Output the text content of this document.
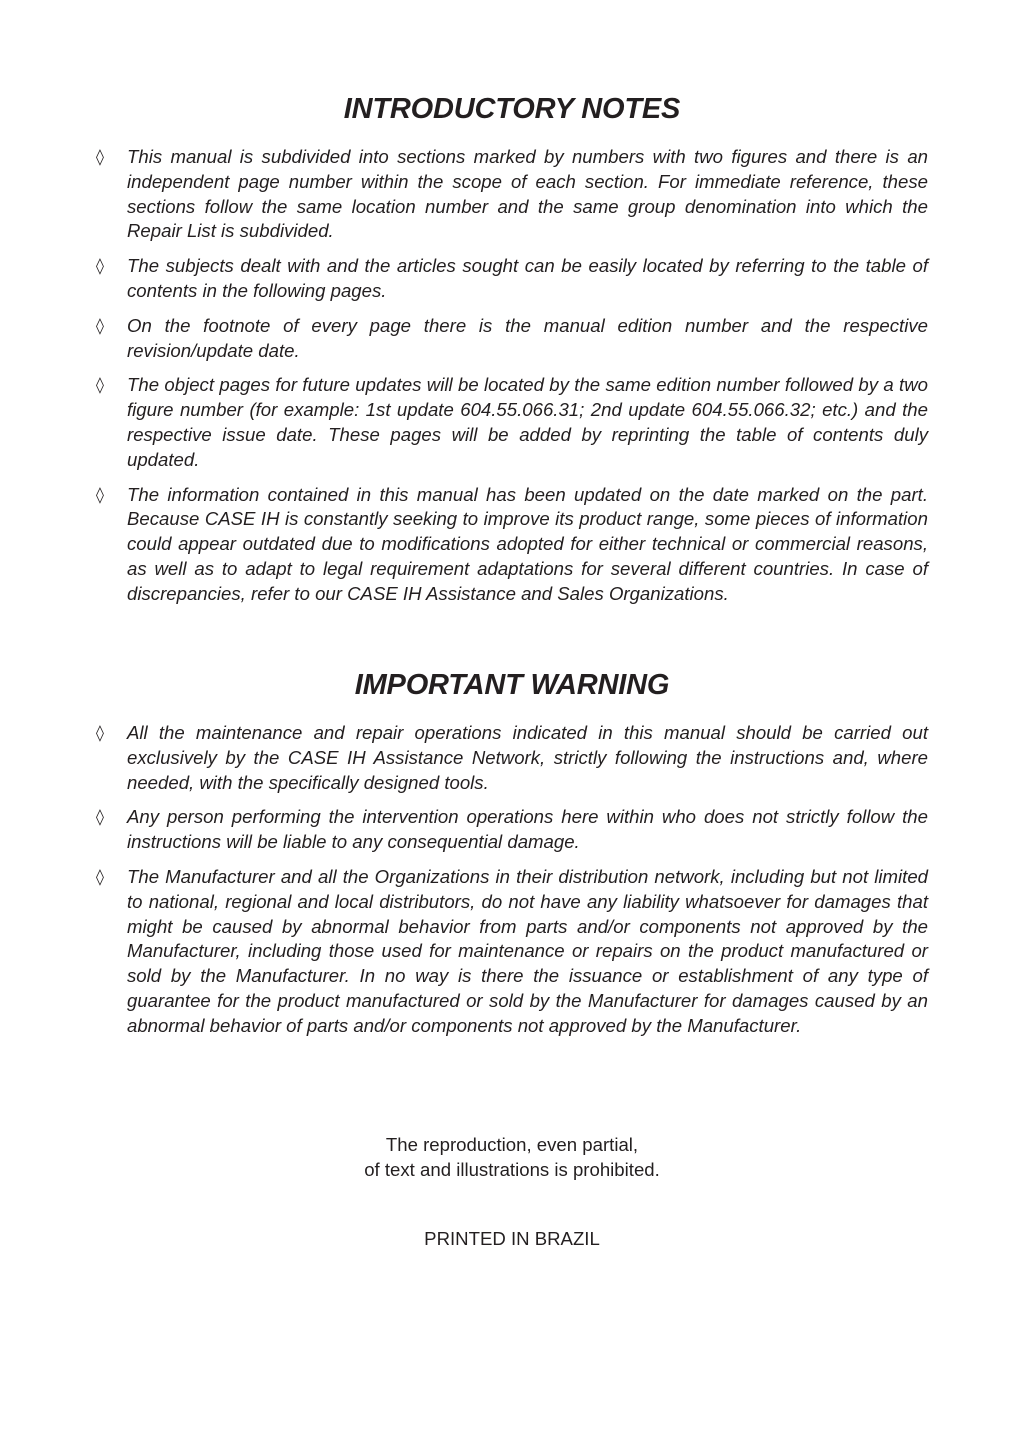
INTRODUCTORY NOTES
◊ This manual is subdivided into sections marked by numbers with two figures and there is an independent page number within the scope of each section. For immediate reference, these sections follow the same location number and the same group denomination into which the Repair List is subdivided.
◊ The subjects dealt with and the articles sought can be easily located by referring to the table of contents in the following pages.
◊ On the footnote of every page there is the manual edition number and the respective revision/update date.
◊ The object pages for future updates will be located by the same edition number followed by a two figure number (for example: 1st update 604.55.066.31; 2nd update 604.55.066.32; etc.) and the respective issue date. These pages will be added by reprinting the table of contents duly updated.
◊ The information contained in this manual has been updated on the date marked on the part. Because CASE IH is constantly seeking to improve its product range, some pieces of information could appear outdated due to modifications adopted for either technical or commercial reasons, as well as to adapt to legal requirement adaptations for several different countries. In case of discrepancies, refer to our CASE IH Assistance and Sales Organizations.
IMPORTANT WARNING
◊ All the maintenance and repair operations indicated in this manual should be carried out exclusively by the CASE IH Assistance Network, strictly following the instructions and, where needed, with the specifically designed tools.
◊ Any person performing the intervention operations here within who does not strictly follow the instructions will be liable to any consequential damage.
◊ The Manufacturer and all the Organizations in their distribution network, including but not limited to national, regional and local distributors, do not have any liability whatsoever for damages that might be caused by abnormal behavior from parts and/or components not approved by the Manufacturer, including those used for maintenance or repairs on the product manufactured or sold by the Manufacturer. In no way is there the issuance or establishment of any type of guarantee for the product manufactured or sold by the Manufacturer for damages caused by an abnormal behavior of parts and/or components not approved by the Manufacturer.

The reproduction, even partial,
of text and illustrations is prohibited.

PRINTED IN BRAZIL
